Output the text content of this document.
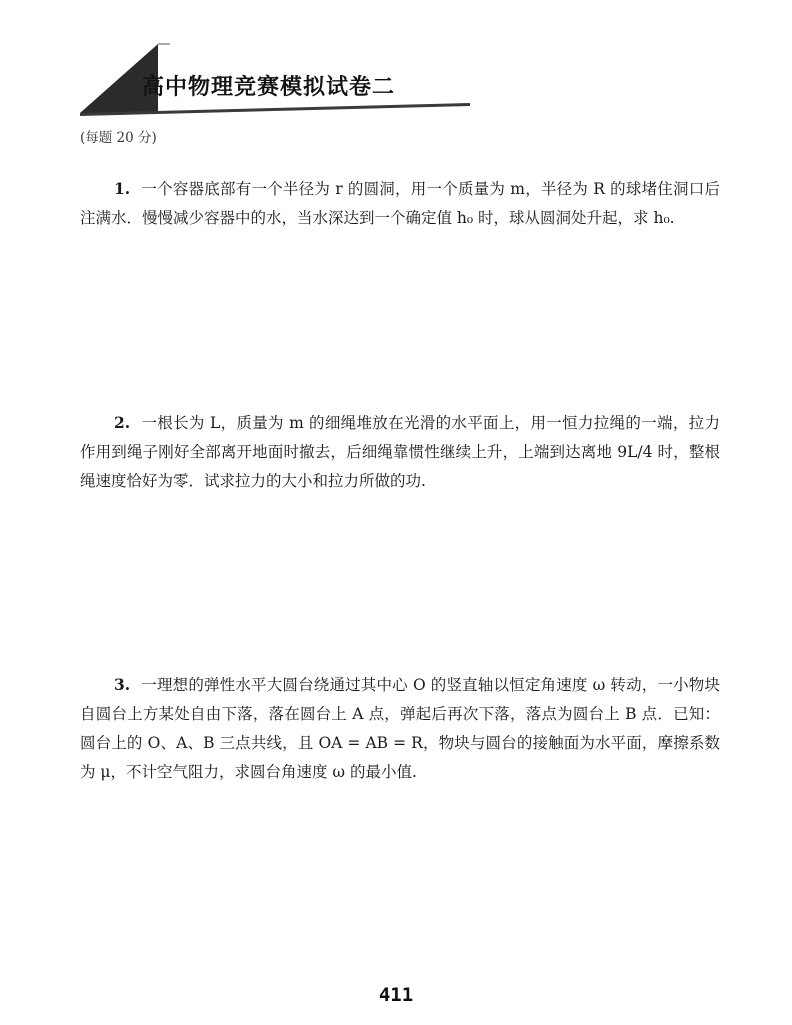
高中物理竞赛模拟试卷二
(每题 20 分)
1. 一个容器底部有一个半径为 r 的圆洞，用一个质量为 m，半径为 R 的球堵住洞口后注满水．慢慢减少容器中的水，当水深达到一个确定值 h₀ 时，球从圆洞处升起，求 h₀.
2. 一根长为 L，质量为 m 的细绳堆放在光滑的水平面上，用一恒力拉绳的一端，拉力作用到绳子刚好全部离开地面时撤去，后细绳靠惯性继续上升，上端到达离地 9L/4 时，整根绳速度恰好为零．试求拉力的大小和拉力所做的功.
3. 一理想的弹性水平大圆台绕通过其中心 O 的竖直轴以恒定角速度 ω 转动，一小物块自圆台上方某处自由下落，落在圆台上 A 点，弹起后再次下落，落点为圆台上 B 点．已知：圆台上的 O、A、B 三点共线，且 OA = AB = R，物块与圆台的接触面为水平面，摩擦系数为 μ，不计空气阻力，求圆台角速度 ω 的最小值.
411
